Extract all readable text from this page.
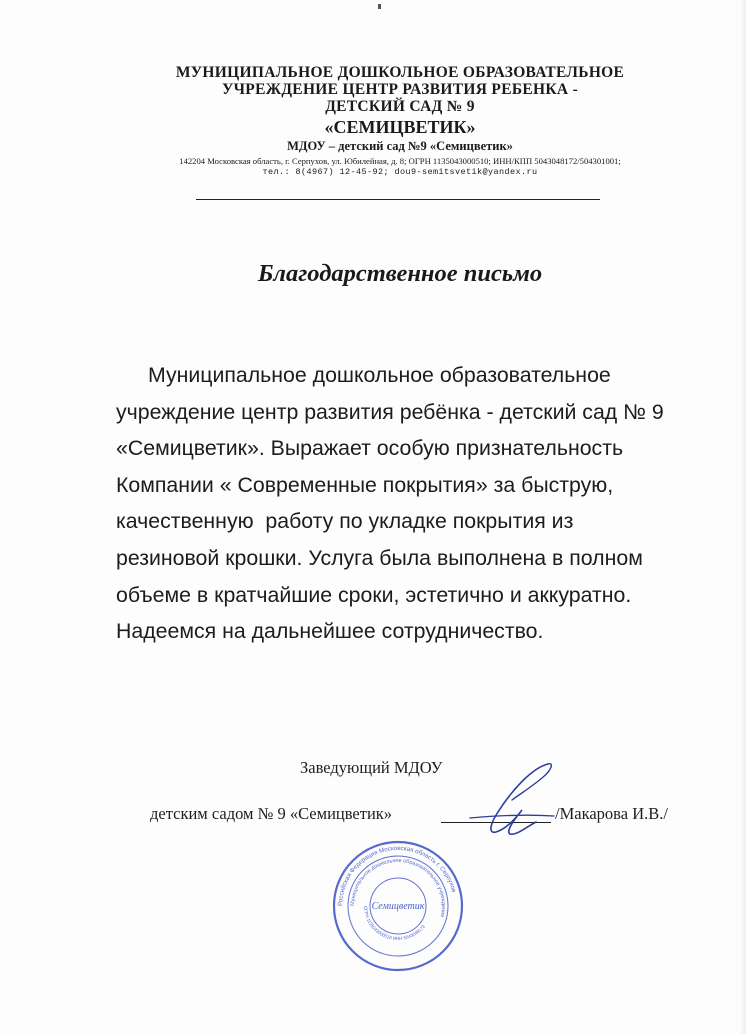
МУНИЦИПАЛЬНОЕ ДОШКОЛЬНОЕ ОБРАЗОВАТЕЛЬНОЕ
УЧРЕЖДЕНИЕ ЦЕНТР РАЗВИТИЯ РЕБЕНКА -
ДЕТСКИЙ САД № 9
«СЕМИЦВЕТИК»
МДОУ – детский сад №9 «Семицветик»
142204 Московская область, г. Серпухов, ул. Юбилейная, д. 8; ОГРН 1135043000510; ИНН/КПП 5043048172/504301001;
тел.: 8(4967) 12-45-92; dou9-semitsvetik@yandex.ru
Благодарственное письмо
Муниципальное дошкольное образовательное
учреждение центр развития ребёнка - детский сад № 9
«Семицветик». Выражает особую признательность
Компании « Современные покрытия» за быструю,
качественную  работу по укладке покрытия из
резиновой крошки. Услуга была выполнена в полном
объеме в кратчайшие сроки, эстетично и аккуратно.
Надеемся на дальнейшее сотрудничество.
Заведующий МДОУ
детским садом № 9 «Семицветик»	/Макарова И.В./
Российская Федерация Московская область г. Серпухов
Муниципальное дошкольное образовательное учреждение
ОГРН 1135043000510 ИНН 5043048172
Семицветик
